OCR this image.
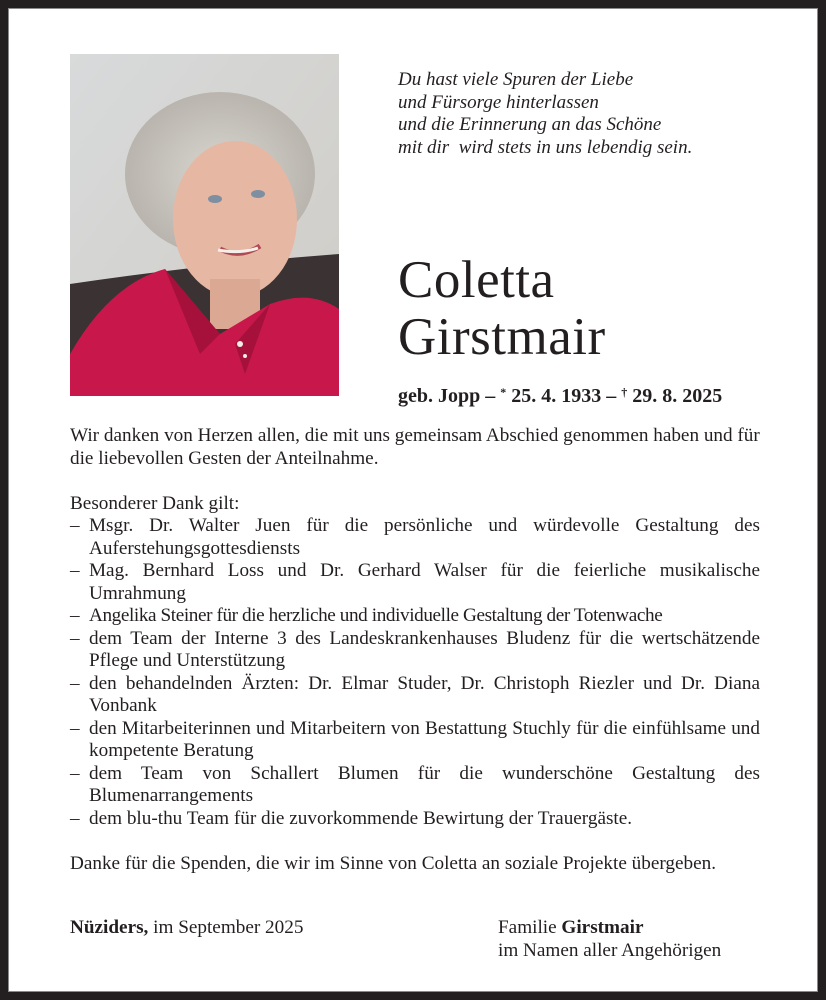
Du hast viele Spuren der Liebe
und Fürsorge hinterlassen
und die Erinnerung an das Schöne
mit dir  wird stets in uns lebendig sein.
Coletta
Girstmair
geb. Jopp – * 25. 4. 1933 – † 29. 8. 2025

Wir danken von Herzen allen, die mit uns gemeinsam Abschied genommen haben und für die liebevollen Gesten der Anteilnahme.

Besonderer Dank gilt:

– Msgr. Dr. Walter Juen für die persönliche und würdevolle Gestaltung des Auferstehungsgottesdiensts
– Mag. Bernhard Loss und Dr. Gerhard Walser für die feierliche musikalische Umrahmung
– Angelika Steiner für die herzliche und individuelle Gestaltung der Totenwache
– dem Team der Interne 3 des Landeskrankenhauses Bludenz für die wertschätzende Pflege und Unterstützung
– den behandelnden Ärzten: Dr. Elmar Studer, Dr. Christoph Riezler und Dr. Diana Vonbank
– den Mitarbeiterinnen und Mitarbeitern von Bestattung Stuchly für die einfühlsame und kompetente Beratung
– dem Team von Schallert Blumen für die wunderschöne Gestaltung des Blumenarrangements
– dem blu-thu Team für die zuvorkommende Bewirtung der Trauergäste.

Danke für die Spenden, die wir im Sinne von Coletta an soziale Projekte übergeben.

Nüziders, im September 2025	Familie Girstmair
im Namen aller Angehörigen
